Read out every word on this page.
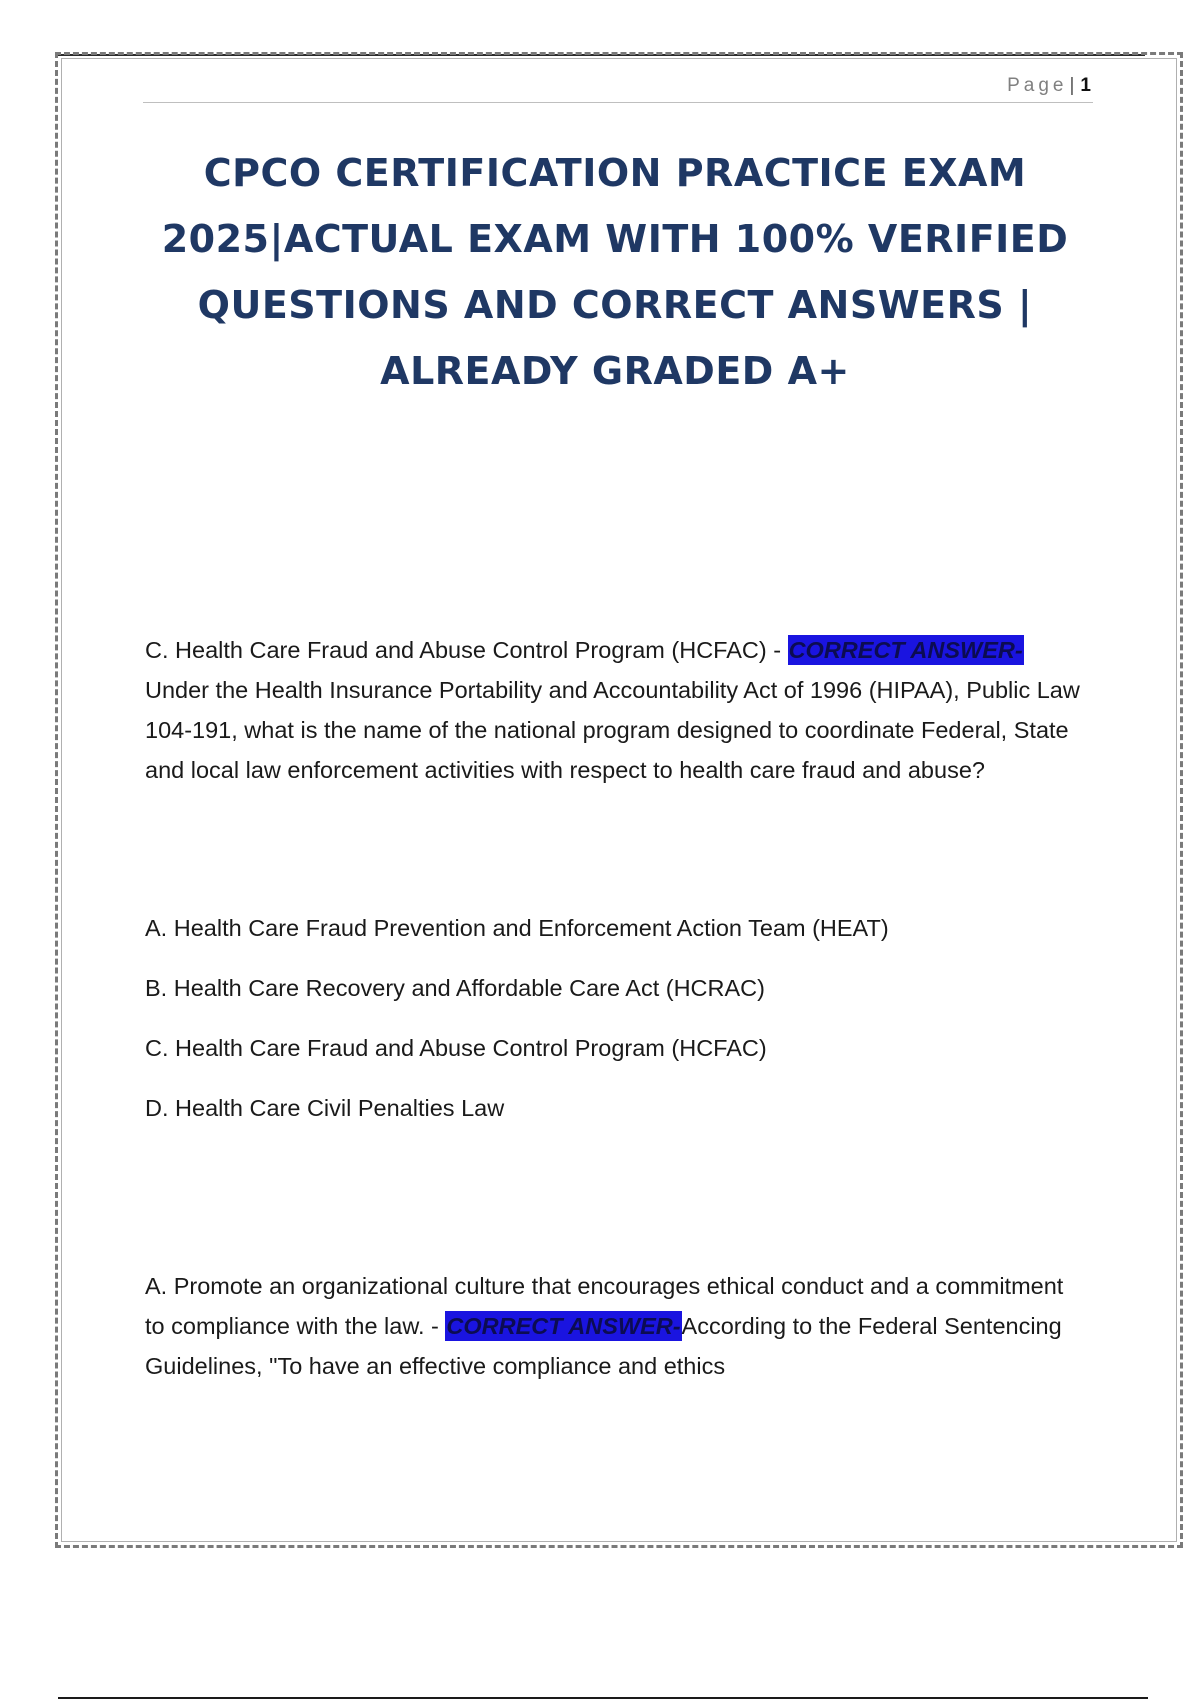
Page | 1
CPCO CERTIFICATION PRACTICE EXAM 2025|ACTUAL EXAM WITH 100% VERIFIED QUESTIONS AND CORRECT ANSWERS | ALREADY GRADED A+

C. Health Care Fraud and Abuse Control Program (HCFAC) - CORRECT ANSWER-Under the Health Insurance Portability and Accountability Act of 1996 (HIPAA), Public Law 104-191, what is the name of the national program designed to coordinate Federal, State and local law enforcement activities with respect to health care fraud and abuse?

A. Health Care Fraud Prevention and Enforcement Action Team (HEAT)
B. Health Care Recovery and Affordable Care Act (HCRAC)
C. Health Care Fraud and Abuse Control Program (HCFAC)
D. Health Care Civil Penalties Law

A. Promote an organizational culture that encourages ethical conduct and a commitment to compliance with the law. - CORRECT ANSWER-According to the Federal Sentencing Guidelines, "To have an effective compliance and ethics
